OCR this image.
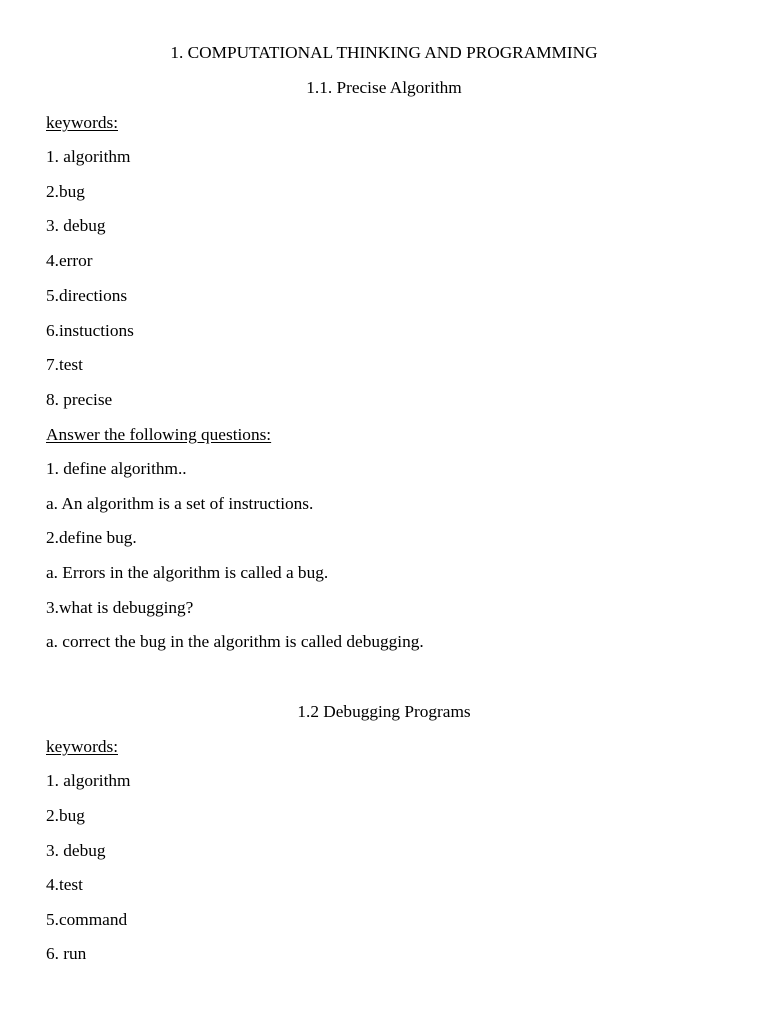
1. COMPUTATIONAL THINKING AND PROGRAMMING
1.1. Precise Algorithm
keywords:
1. algorithm
2.bug
3. debug
4.error
5.directions
6.instuctions
7.test
8. precise
Answer the following questions:
1. define algorithm..
a. An algorithm is a set of instructions.
2.define bug.
a. Errors in the algorithm is called a bug.
3.what is debugging?
a. correct the bug in the algorithm is called debugging.
1.2 Debugging Programs
keywords:
1. algorithm
2.bug
3. debug
4.test
5.command
6. run
